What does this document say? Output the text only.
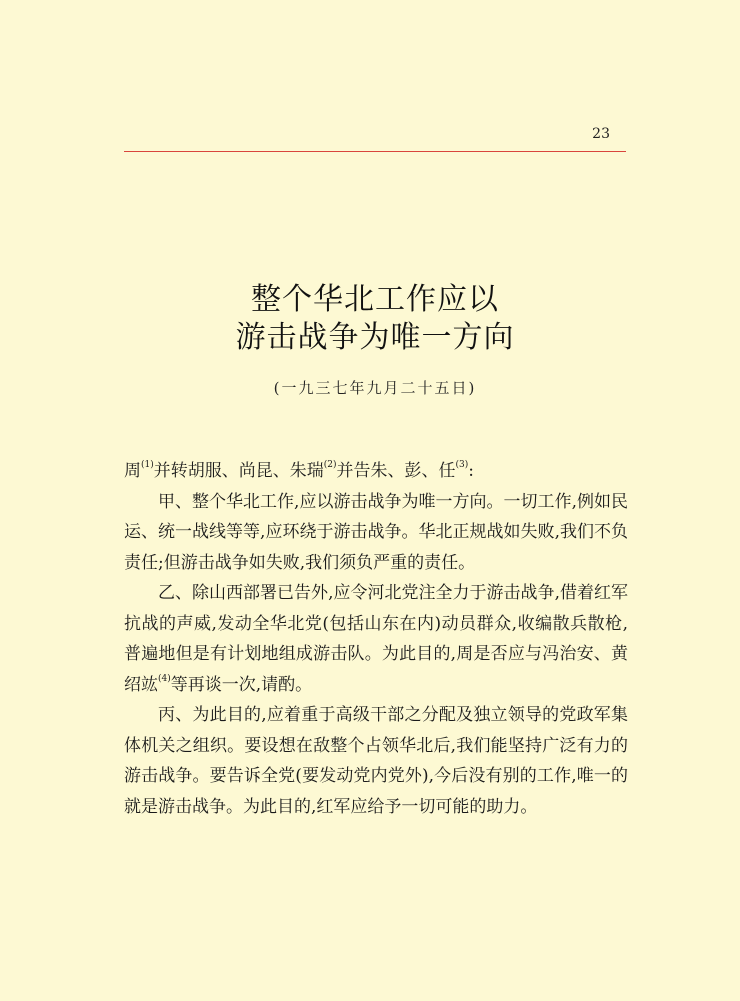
23
整个华北工作应以
游击战争为唯一方向
(一九三七年九月二十五日)

周$^{(1)}$并转胡服、尚昆、朱瑞$^{(2)}$并告朱、彭、任$^{(3)}$:

甲、整个华北工作,应以游击战争为唯一方向。一切工作,例如民运、统一战线等等,应环绕于游击战争。华北正规战如失败,我们不负责任;但游击战争如失败,我们须负严重的责任。

乙、除山西部署已告外,应令河北党注全力于游击战争,借着红军抗战的声威,发动全华北党(包括山东在内)动员群众,收编散兵散枪,普遍地但是有计划地组成游击队。为此目的,周是否应与冯治安、黄绍竑$^{(4)}$等再谈一次,请酌。

丙、为此目的,应着重于高级干部之分配及独立领导的党政军集体机关之组织。要设想在敌整个占领华北后,我们能坚持广泛有力的游击战争。要告诉全党(要发动党内党外),今后没有别的工作,唯一的就是游击战争。为此目的,红军应给予一切可能的助力。
